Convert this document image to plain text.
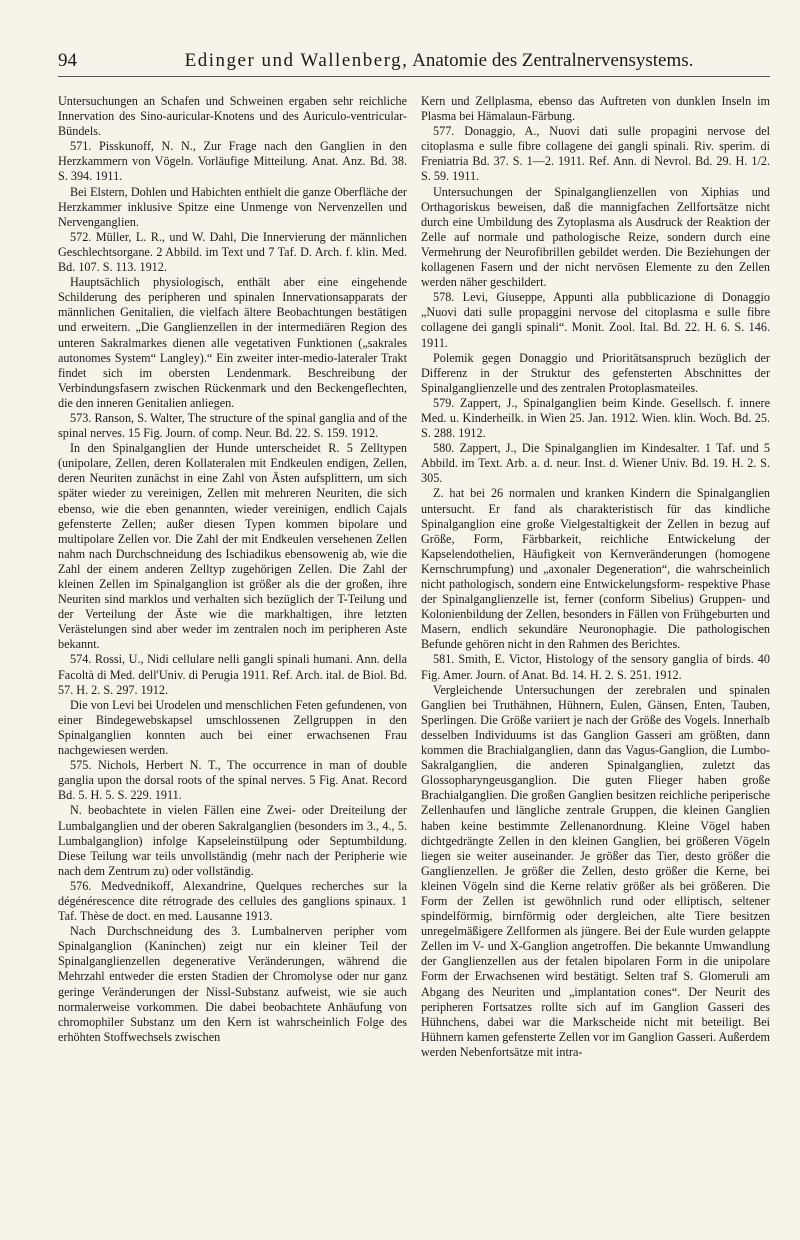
94	Edinger und Wallenberg, Anatomie des Zentralnervensystems.

Untersuchungen an Schafen und Schweinen ergaben sehr reichliche Innervation des Sino-auricular-Knotens und des Auriculo-ventricular-Bündels.

571. Pisskunoff, N. N., Zur Frage nach den Ganglien in den Herzkammern von Vögeln. Vorläufige Mitteilung. Anat. Anz. Bd. 38. S. 394. 1911.

Bei Elstern, Dohlen und Habichten enthielt die ganze Oberfläche der Herzkammer inklusive Spitze eine Unmenge von Nervenzellen und Nervenganglien.

572. Müller, L. R., und W. Dahl, Die Innervierung der männlichen Geschlechtsorgane. 2 Abbild. im Text und 7 Taf. D. Arch. f. klin. Med. Bd. 107. S. 113. 1912.

Hauptsächlich physiologisch, enthält aber eine eingehende Schilderung des peripheren und spinalen Innervationsapparats der männlichen Genitalien, die vielfach ältere Beobachtungen bestätigen und erweitern. „Die Ganglienzellen in der intermediären Region des unteren Sakralmarkes dienen alle vegetativen Funktionen („sakrales autonomes System“ Langley).“ Ein zweiter inter-medio-lateraler Trakt findet sich im obersten Lendenmark. Beschreibung der Verbindungsfasern zwischen Rückenmark und den Beckengeflechten, die den inneren Genitalien anliegen.

573. Ranson, S. Walter, The structure of the spinal ganglia and of the spinal nerves. 15 Fig. Journ. of comp. Neur. Bd. 22. S. 159. 1912.

In den Spinalganglien der Hunde unterscheidet R. 5 Zelltypen (unipolare, Zellen, deren Kollateralen mit Endkeulen endigen, Zellen, deren Neuriten zunächst in eine Zahl von Ästen aufsplittern, um sich später wieder zu vereinigen, Zellen mit mehreren Neuriten, die sich ebenso, wie die eben genannten, wieder vereinigen, endlich Cajals gefensterte Zellen; außer diesen Typen kommen bipolare und multipolare Zellen vor. Die Zahl der mit Endkeulen versehenen Zellen nahm nach Durchschneidung des Ischiadikus ebensowenig ab, wie die Zahl der einem anderen Zelltyp zugehörigen Zellen. Die Zahl der kleinen Zellen im Spinalganglion ist größer als die der großen, ihre Neuriten sind marklos und verhalten sich bezüglich der T-Teilung und der Verteilung der Äste wie die markhaltigen, ihre letzten Verästelungen sind aber weder im zentralen noch im peripheren Aste bekannt.

574. Rossi, U., Nidi cellulare nelli gangli spinali humani. Ann. della Facoltà di Med. dell'Univ. di Perugia 1911. Ref. Arch. ital. de Biol. Bd. 57. H. 2. S. 297. 1912.

Die von Levi bei Urodelen und menschlichen Feten gefundenen, von einer Bindegewebskapsel umschlossenen Zellgruppen in den Spinalganglien konnten auch bei einer erwachsenen Frau nachgewiesen werden.

575. Nichols, Herbert N. T., The occurrence in man of double ganglia upon the dorsal roots of the spinal nerves. 5 Fig. Anat. Record Bd. 5. H. 5. S. 229. 1911.

N. beobachtete in vielen Fällen eine Zwei- oder Dreiteilung der Lumbalganglien und der oberen Sakralganglien (besonders im 3., 4., 5. Lumbalganglion) infolge Kapseleinstülpung oder Septumbildung. Diese Teilung war teils unvollständig (mehr nach der Peripherie wie nach dem Zentrum zu) oder vollständig.

576. Medvednikoff, Alexandrine, Quelques recherches sur la dégénérescence dite rétrograde des cellules des ganglions spinaux. 1 Taf. Thèse de doct. en med. Lausanne 1913.

Nach Durchschneidung des 3. Lumbalnerven peripher vom Spinalganglion (Kaninchen) zeigt nur ein kleiner Teil der Spinalganglienzellen degenerative Veränderungen, während die Mehrzahl entweder die ersten Stadien der Chromolyse oder nur ganz geringe Veränderungen der Nissl-Substanz aufweist, wie sie auch normalerweise vorkommen. Die dabei beobachtete Anhäufung von chromophiler Substanz um den Kern ist wahrscheinlich Folge des erhöhten Stoffwechsels zwischen

Kern und Zellplasma, ebenso das Auftreten von dunklen Inseln im Plasma bei Hämalaun-Färbung.

577. Donaggio, A., Nuovi dati sulle propagini nervose del citoplasma e sulle fibre collagene dei gangli spinali. Riv. sperim. di Freniatria Bd. 37. S. 1—2. 1911. Ref. Ann. di Nevrol. Bd. 29. H. 1/2. S. 59. 1911.

Untersuchungen der Spinalganglienzellen von Xiphias und Orthagoriskus beweisen, daß die mannigfachen Zellfortsätze nicht durch eine Umbildung des Zytoplasma als Ausdruck der Reaktion der Zelle auf normale und pathologische Reize, sondern durch eine Vermehrung der Neurofibrillen gebildet werden. Die Beziehungen der kollagenen Fasern und der nicht nervösen Elemente zu den Zellen werden näher geschildert.

578. Levi, Giuseppe, Appunti alla pubblicazione di Donaggio „Nuovi dati sulle propaggini nervose del citoplasma e sulle fibre collagene dei gangli spinali“. Monit. Zool. Ital. Bd. 22. H. 6. S. 146. 1911.

Polemik gegen Donaggio und Prioritätsanspruch bezüglich der Differenz in der Struktur des gefensterten Abschnittes der Spinalganglienzelle und des zentralen Protoplasmateiles.

579. Zappert, J., Spinalganglien beim Kinde. Gesellsch. f. innere Med. u. Kinderheilk. in Wien 25. Jan. 1912. Wien. klin. Woch. Bd. 25. S. 288. 1912.

580. Zappert, J., Die Spinalganglien im Kindesalter. 1 Taf. und 5 Abbild. im Text. Arb. a. d. neur. Inst. d. Wiener Univ. Bd. 19. H. 2. S. 305.

Z. hat bei 26 normalen und kranken Kindern die Spinalganglien untersucht. Er fand als charakteristisch für das kindliche Spinalganglion eine große Vielgestaltigkeit der Zellen in bezug auf Größe, Form, Färbbarkeit, reichliche Entwickelung der Kapselendothelien, Häufigkeit von Kernveränderungen (homogene Kernschrumpfung) und „axonaler Degeneration“, die wahrscheinlich nicht pathologisch, sondern eine Entwickelungsform- respektive Phase der Spinalganglienzelle ist, ferner (conform Sibelius) Gruppen- und Kolonienbildung der Zellen, besonders in Fällen von Frühgeburten und Masern, endlich sekundäre Neuronophagie. Die pathologischen Befunde gehören nicht in den Rahmen des Berichtes.

581. Smith, E. Victor, Histology of the sensory ganglia of birds. 40 Fig. Amer. Journ. of Anat. Bd. 14. H. 2. S. 251. 1912.

Vergleichende Untersuchungen der zerebralen und spinalen Ganglien bei Truthähnen, Hühnern, Eulen, Gänsen, Enten, Tauben, Sperlingen. Die Größe variiert je nach der Größe des Vogels. Innerhalb desselben Individuums ist das Ganglion Gasseri am größten, dann kommen die Brachialganglien, dann das Vagus-Ganglion, die Lumbo-Sakralganglien, die anderen Spinalganglien, zuletzt das Glossopharyngeusganglion. Die guten Flieger haben große Brachialganglien. Die großen Ganglien besitzen reichliche periperische Zellenhaufen und längliche zentrale Gruppen, die kleinen Ganglien haben keine bestimmte Zellenanordnung. Kleine Vögel haben dichtgedrängte Zellen in den kleinen Ganglien, bei größeren Vögeln liegen sie weiter auseinander. Je größer das Tier, desto größer die Ganglienzellen. Je größer die Zellen, desto größer die Kerne, bei kleinen Vögeln sind die Kerne relativ größer als bei größeren. Die Form der Zellen ist gewöhnlich rund oder elliptisch, seltener spindelförmig, birnförmig oder dergleichen, alte Tiere besitzen unregelmäßigere Zellformen als jüngere. Bei der Eule wurden gelappte Zellen im V- und X-Ganglion angetroffen. Die bekannte Umwandlung der Ganglienzellen aus der fetalen bipolaren Form in die unipolare Form der Erwachsenen wird bestätigt. Selten traf S. Glomeruli am Abgang des Neuriten und „implantation cones“. Der Neurit des peripheren Fortsatzes rollte sich auf im Ganglion Gasseri des Hühnchens, dabei war die Markscheide nicht mit beteiligt. Bei Hühnern kamen gefensterte Zellen vor im Ganglion Gasseri. Außerdem werden Nebenfortsätze mit intra-
